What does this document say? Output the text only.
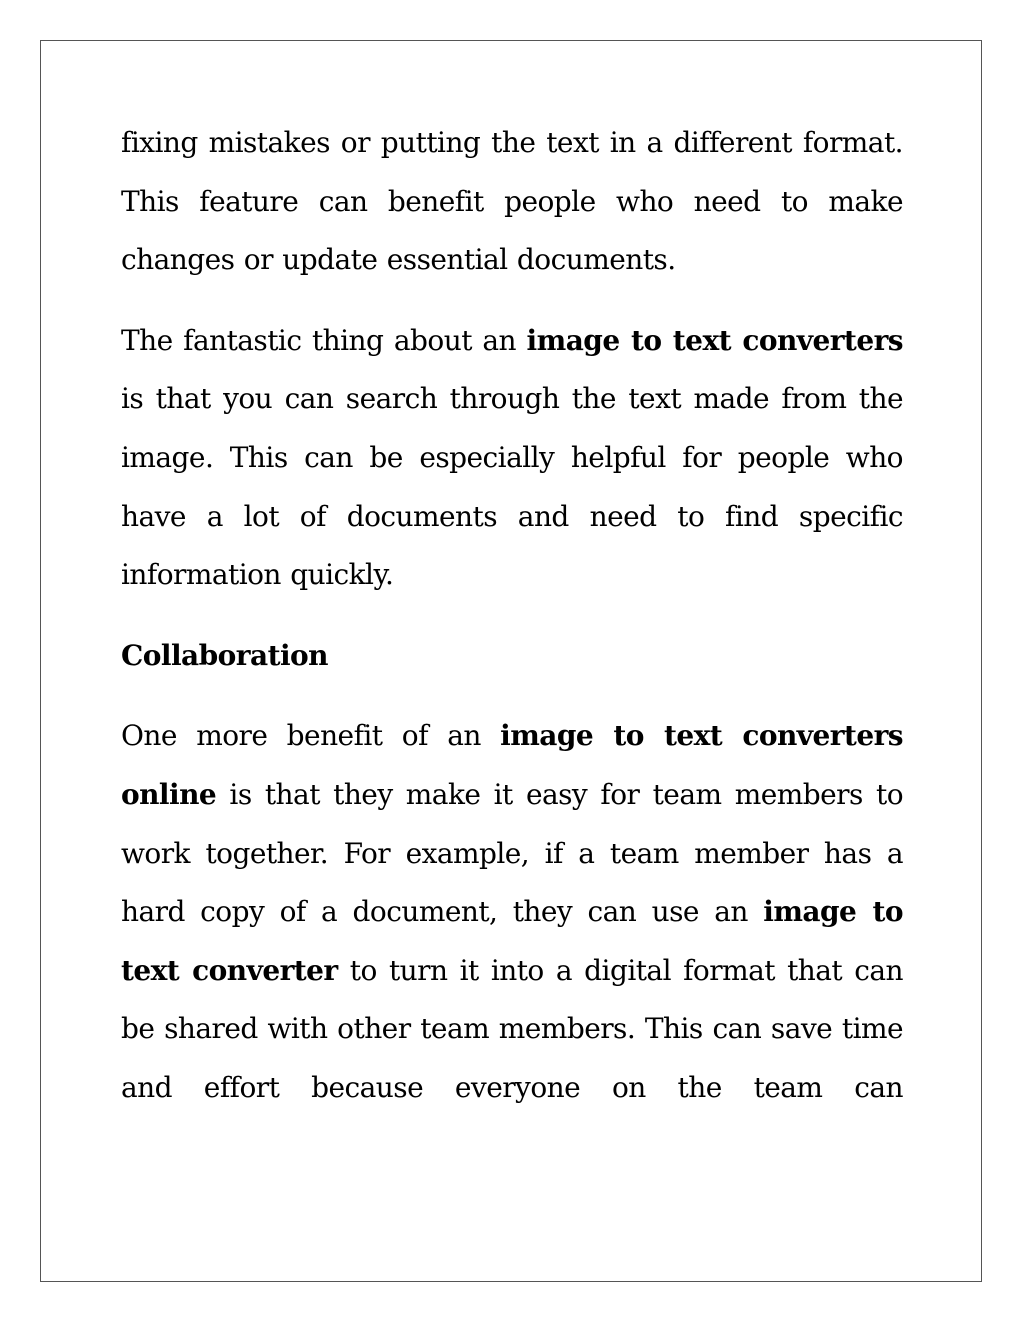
fixing mistakes or putting the text in a different format. This feature can benefit people who need to make changes or update essential documents.

The fantastic thing about an image to text converters is that you can search through the text made from the image. This can be especially helpful for people who have a lot of documents and need to find specific information quickly.

Collaboration

One more benefit of an image to text converters online is that they make it easy for team members to work together. For example, if a team member has a hard copy of a document, they can use an image to text converter to turn it into a digital format that can be shared with other team members. This can save time and effort because everyone on the team can
